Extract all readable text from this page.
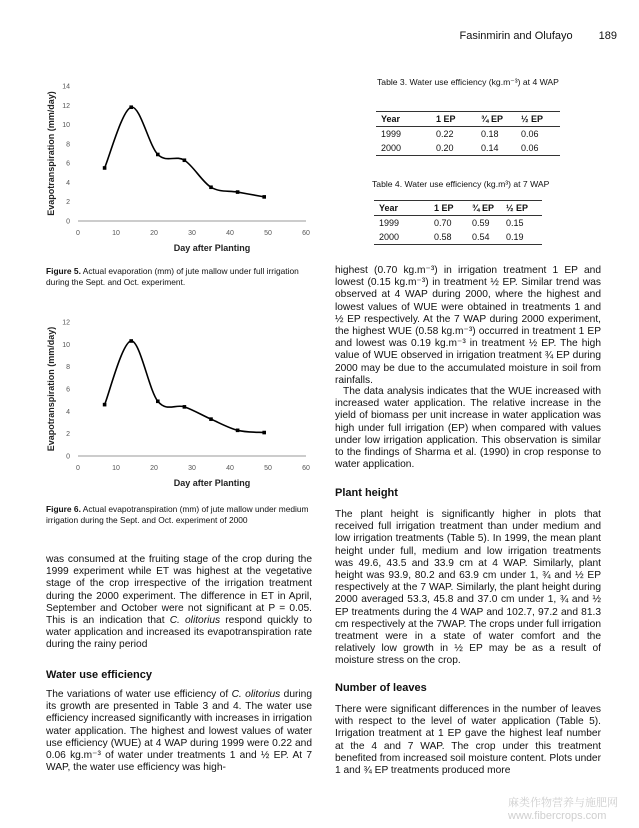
Fasinmirin and Olufayo 189
0
2
4
6
8
10
12
14
0	10	20	30	40	50	60
Evapotranspiration (mm/day)
Day after Planting
Figure 5. Actual evaporation (mm) of jute mallow under full irrigation during the Sept. and Oct. experiment.
0
2
4
6
8
10
12
0	10	20	30	40	50	60
Evapotranspiration (mm/day)
Day after Planting
Figure 6. Actual evapotranspiration (mm) of jute mallow under medium irrigation during the Sept. and Oct. experiment of 2000
was consumed at the fruiting stage of the crop during the 1999 experiment while ET was highest at the vegetative stage of the crop irrespective of the irrigation treatment during the 2000 experiment. The difference in ET in April, September and October were not significant at P = 0.05. This is an indication that C. olitorius respond quickly to water application and increased its evapotranspiration rate during the rainy period
Water use efficiency
The variations of water use efficiency of C. olitorius during its growth are presented in Table 3 and 4. The water use efficiency increased significantly with increases in irrigation water application. The highest and lowest values of water use efficiency (WUE) at 4 WAP during 1999 were 0.22 and 0.06 kg.m⁻³ of water under treatments 1 and ½ EP. At 7 WAP, the water use efficiency was high-
Table 3. Water use efficiency (kg.m⁻³) at 4 WAP
Year	1 EP	¾ EP	½ EP
1999	0.22	0.18	0.06
2000	0.20	0.14	0.06
Table 4. Water use efficiency (kg.m³) at 7 WAP
Year	1 EP	¾ EP	½ EP
1999	0.70	0.59	0.15
2000	0.58	0.54	0.19
highest (0.70 kg.m⁻³) in irrigation treatment 1 EP and lowest (0.15 kg.m⁻³) in treatment ½ EP. Similar trend was observed at 4 WAP during 2000, where the highest and lowest values of WUE were obtained in treatments 1 and ½ EP respectively. At the 7 WAP during 2000 experiment, the highest WUE (0.58 kg.m⁻³) occurred in treatment 1 EP and lowest was 0.19 kg.m⁻³ in treatment ½ EP. The high value of WUE observed in irrigation treatment ¾ EP during 2000 may be due to the accumulated moisture in soil from rainfalls.
The data analysis indicates that the WUE increased with increased water application. The relative increase in the yield of biomass per unit increase in water application was high under full irrigation (EP) when compared with values under low irrigation application. This observation is similar to the findings of Sharma et al. (1990) in crop response to water application.
Plant height
The plant height is significantly higher in plots that received full irrigation treatment than under medium and low irrigation treatments (Table 5). In 1999, the mean plant height under full, medium and low irrigation treatments was 49.6, 43.5 and 33.9 cm at 4 WAP. Similarly, plant height was 93.9, 80.2 and 63.9 cm under 1, ¾ and ½ EP respectively at the 7 WAP. Similarly, the plant height during 2000 averaged 53.3, 45.8 and 37.0 cm under 1, ¾ and ½ EP treatments during the 4 WAP and 102.7, 97.2 and 81.3 cm respectively at the 7WAP. The crops under full irrigation treatment were in a state of water comfort and the relatively low growth in ½ EP may be as a result of moisture stress on the crop.
Number of leaves
There were significant differences in the number of leaves with respect to the level of water application (Table 5). Irrigation treatment at 1 EP gave the highest leaf number at the 4 and 7 WAP. The crop under this treatment benefited from increased soil moisture content. Plots under 1 and ¾ EP treatments produced more
麻类作物营养与施肥网
www.fibercrops.com
